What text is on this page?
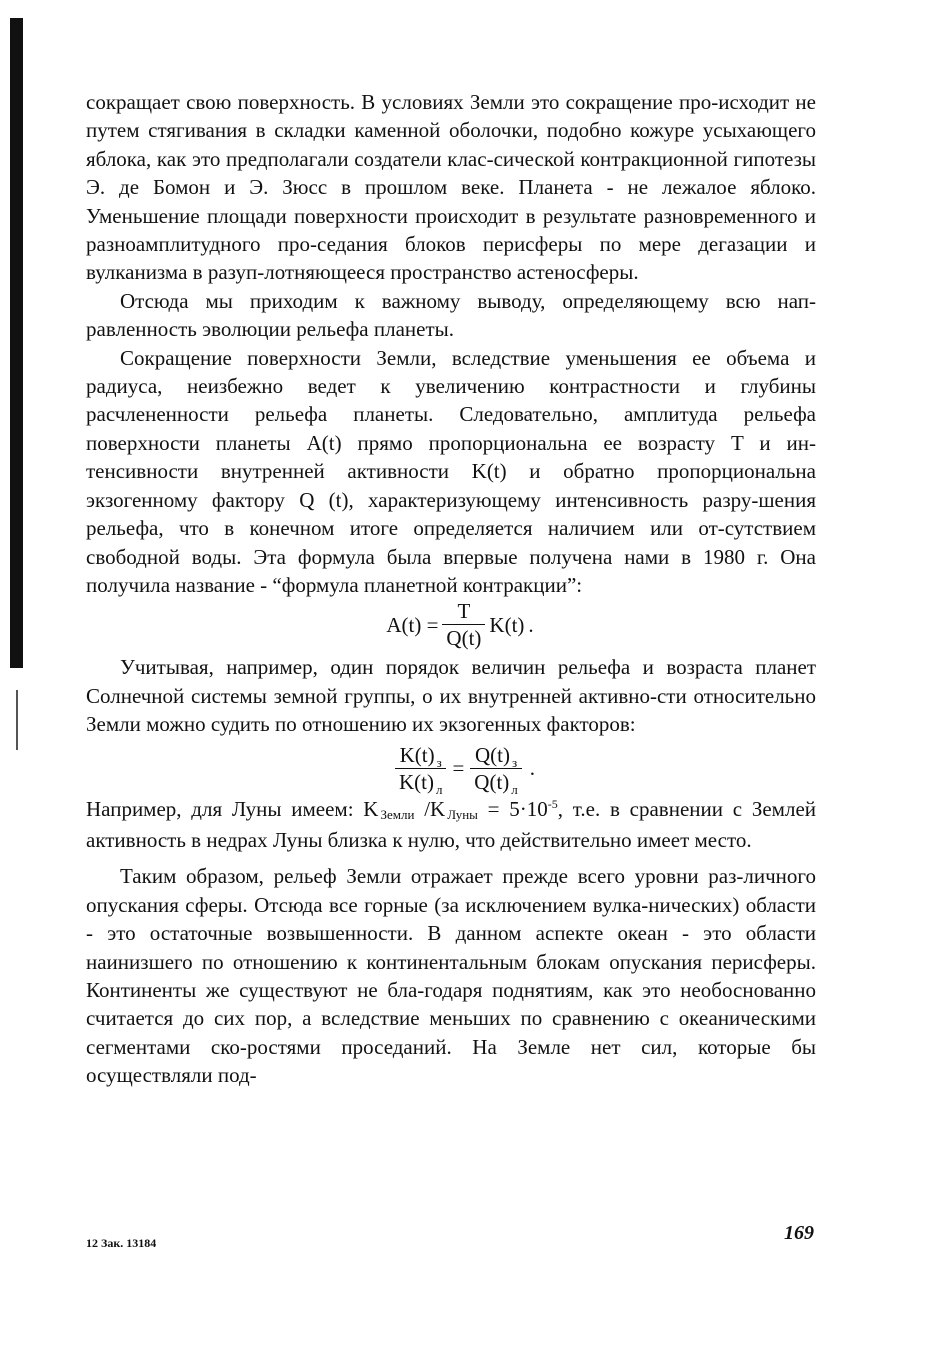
сокращает свою поверхность. В условиях Земли это сокращение про-исходит не путем стягивания в складки каменной оболочки, подобно кожуре усыхающего яблока, как это предполагали создатели клас-сической контракционной гипотезы Э. де Бомон и Э. Зюсс в прошлом веке. Планета - не лежалое яблоко. Уменьшение площади поверхности происходит в результате разновременного и разноамплитудного про-седания блоков перисферы по мере дегазации и вулканизма в разуп-лотняющееся пространство астеносферы.

Отсюда мы приходим к важному выводу, определяющему всю нап-равленность эволюции рельефа планеты.

Сокращение поверхности Земли, вследствие уменьшения ее объема и радиуса, неизбежно ведет к увеличению контрастности и глубины расчлененности рельефа планеты. Следовательно, амплитуда рельефа поверхности планеты A(t) прямо пропорциональна ее возрасту T и ин-тенсивности внутренней активности K(t) и обратно пропорциональна экзогенному фактору Q (t), характеризующему интенсивность разру-шения рельефа, что в конечном итоге определяется наличием или от-сутствием свободной воды. Эта формула была впервые получена нами в 1980 г. Она получила название - “формула планетной контракции”:

$A(t) = \frac{T}{Q(t)} K(t)$ .

Учитывая, например, один порядок величин рельефа и возраста планет Солнечной системы земной группы, о их внутренней активно-сти относительно Земли можно судить по отношению их экзогенных факторов:

$\frac{K(t) _з}{K(t) _л} = \frac{Q(t) _з}{Q(t) _л}$ .

Например, для Луны имеем: K Земли /K Луны = $5\cdot 10^{-5}$, т.е. в сравнении с Землей активность в недрах Луны близка к нулю, что действительно имеет место.

Таким образом, рельеф Земли отражает прежде всего уровни раз-личного опускания сферы. Отсюда все горные (за исключением вулка-нических) области - это остаточные возвышенности. В данном аспекте океан - это области наинизшего по отношению к континентальным блокам опускания перисферы. Континенты же существуют не бла-годаря поднятиям, как это необоснованно считается до сих пор, а вследствие меньших по сравнению с океаническими сегментами ско-ростями проседаний. На Земле нет сил, которые бы осуществляли под-

12 Зак. 13184	169
